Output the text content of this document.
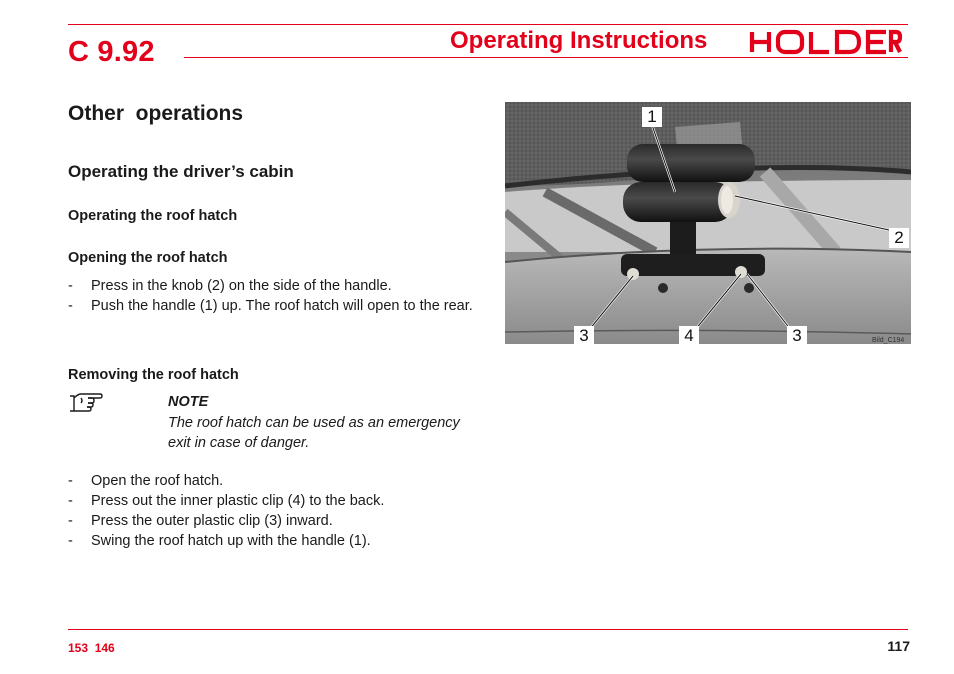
C 9.92	Operating Instructions
Other  operations
Operating the driver’s cabin
Operating the roof hatch
Opening the roof hatch
- Press in the knob (2) on the side of the handle.
- Push the handle (1) up. The roof hatch will open to the rear.
Removing the roof hatch
NOTE
The roof hatch can be used as an emergency exit in case of danger.
- Open the roof hatch.
- Press out the inner plastic clip (4) to the back.
- Press the outer plastic clip (3) inward.
- Swing the roof hatch up with the handle (1).
1
2
3	4	3	Bild_C194
153  146	117
